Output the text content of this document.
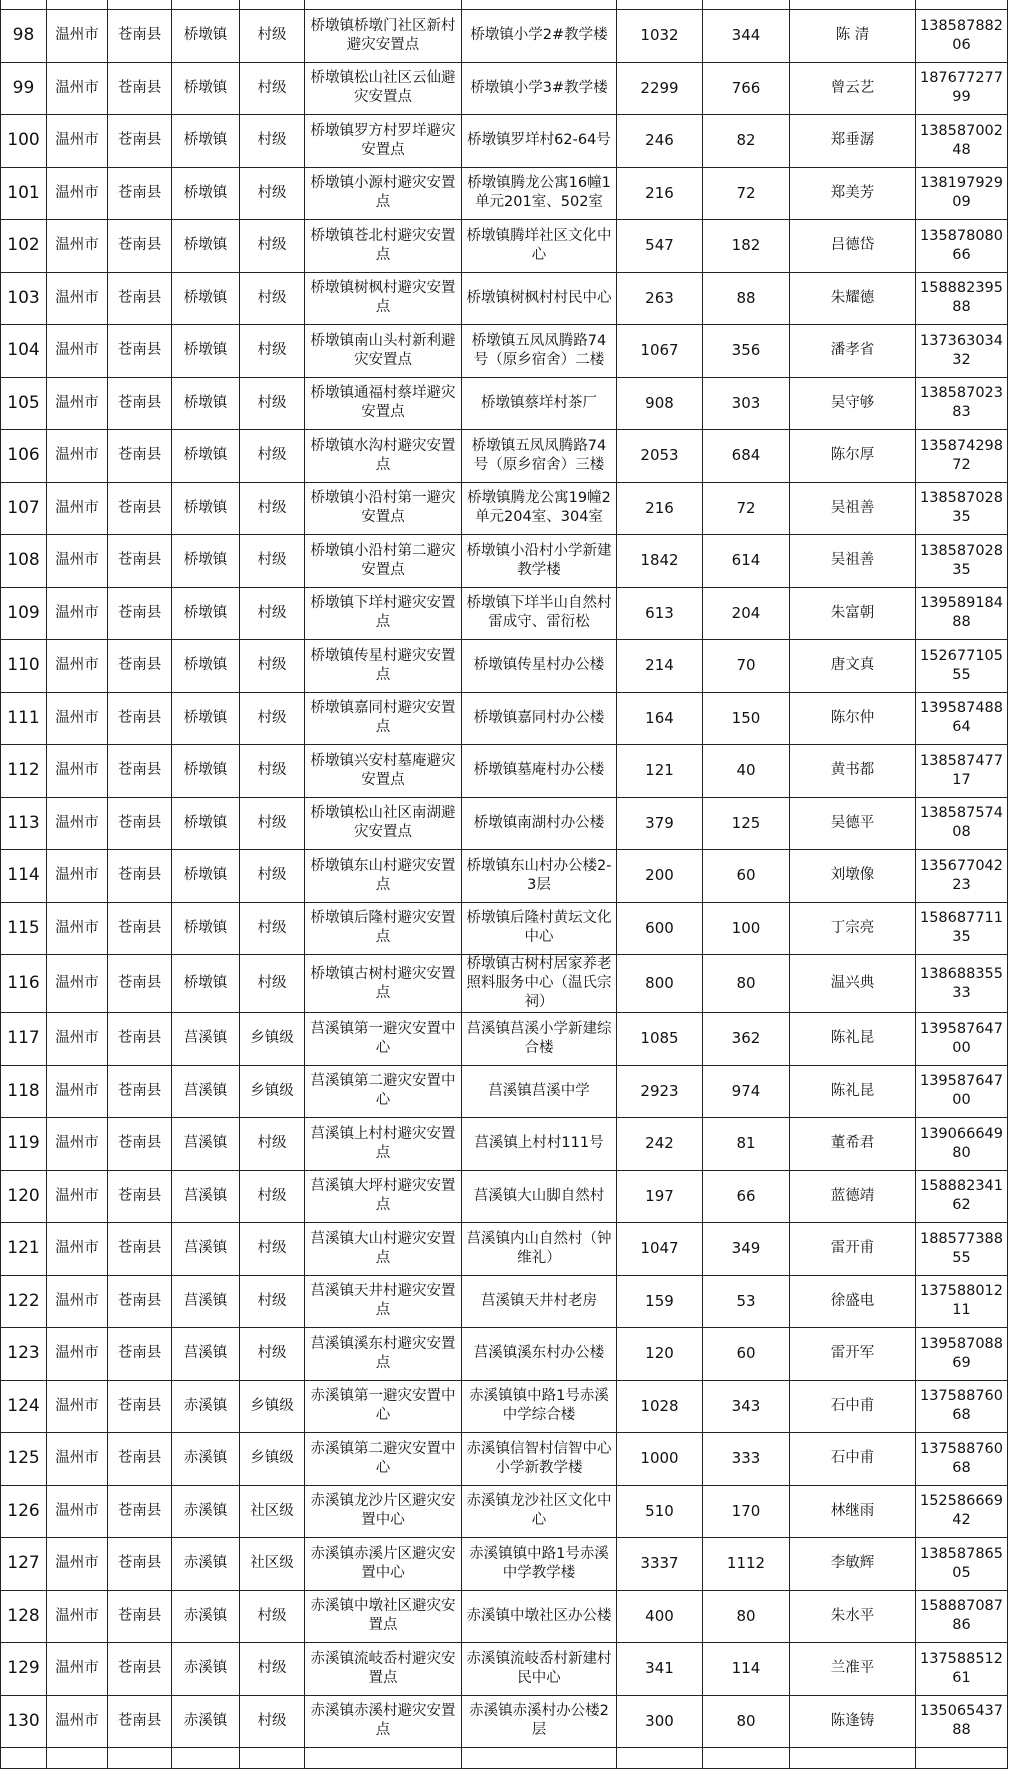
98	温州市	苍南县	桥墩镇	村级	桥墩镇桥墩门社区新村避灾安置点	桥墩镇小学2#教学楼	1032	344	陈 清	13858788206
99	温州市	苍南县	桥墩镇	村级	桥墩镇松山社区云仙避灾安置点	桥墩镇小学3#教学楼	2299	766	曾云艺	18767727799
100	温州市	苍南县	桥墩镇	村级	桥墩镇罗方村罗垟避灾安置点	桥墩镇罗垟村62-64号	246	82	郑垂潺	13858700248
101	温州市	苍南县	桥墩镇	村级	桥墩镇小源村避灾安置点	桥墩镇腾龙公寓16幢1单元201室、502室	216	72	郑美芳	13819792909
102	温州市	苍南县	桥墩镇	村级	桥墩镇苍北村避灾安置点	桥墩镇腾垟社区文化中心	547	182	吕德岱	13587808066
103	温州市	苍南县	桥墩镇	村级	桥墩镇树枫村避灾安置点	桥墩镇树枫村村民中心	263	88	朱耀德	15888239588
104	温州市	苍南县	桥墩镇	村级	桥墩镇南山头村新利避灾安置点	桥墩镇五凤凤腾路74号（原乡宿舍）二楼	1067	356	潘孝省	13736303432
105	温州市	苍南县	桥墩镇	村级	桥墩镇通福村蔡垟避灾安置点	桥墩镇蔡垟村茶厂	908	303	吴守够	13858702383
106	温州市	苍南县	桥墩镇	村级	桥墩镇水沟村避灾安置点	桥墩镇五凤凤腾路74号（原乡宿舍）三楼	2053	684	陈尔厚	13587429872
107	温州市	苍南县	桥墩镇	村级	桥墩镇小沿村第一避灾安置点	桥墩镇腾龙公寓19幢2单元204室、304室	216	72	吴祖善	13858702835
108	温州市	苍南县	桥墩镇	村级	桥墩镇小沿村第二避灾安置点	桥墩镇小沿村小学新建教学楼	1842	614	吴祖善	13858702835
109	温州市	苍南县	桥墩镇	村级	桥墩镇下垟村避灾安置点	桥墩镇下垟半山自然村雷成守、雷衍松	613	204	朱富朝	13958918488
110	温州市	苍南县	桥墩镇	村级	桥墩镇传星村避灾安置点	桥墩镇传星村办公楼	214	70	唐文真	15267710555
111	温州市	苍南县	桥墩镇	村级	桥墩镇嘉同村避灾安置点	桥墩镇嘉同村办公楼	164	150	陈尔仲	13958748864
112	温州市	苍南县	桥墩镇	村级	桥墩镇兴安村墓庵避灾安置点	桥墩镇墓庵村办公楼	121	40	黄书都	13858747717
113	温州市	苍南县	桥墩镇	村级	桥墩镇松山社区南湖避灾安置点	桥墩镇南湖村办公楼	379	125	吴德平	13858757408
114	温州市	苍南县	桥墩镇	村级	桥墩镇东山村避灾安置点	桥墩镇东山村办公楼2-3层	200	60	刘墩像	13567704223
115	温州市	苍南县	桥墩镇	村级	桥墩镇后隆村避灾安置点	桥墩镇后隆村黄坛文化中心	600	100	丁宗亮	15868771135
116	温州市	苍南县	桥墩镇	村级	桥墩镇古树村避灾安置点	桥墩镇古树村居家养老照料服务中心（温氏宗祠）	800	80	温兴典	13868835533
117	温州市	苍南县	莒溪镇	乡镇级	莒溪镇第一避灾安置中心	莒溪镇莒溪小学新建综合楼	1085	362	陈礼昆	13958764700
118	温州市	苍南县	莒溪镇	乡镇级	莒溪镇第二避灾安置中心	莒溪镇莒溪中学	2923	974	陈礼昆	13958764700
119	温州市	苍南县	莒溪镇	村级	莒溪镇上村村避灾安置点	莒溪镇上村村111号	242	81	董希君	13906664980
120	温州市	苍南县	莒溪镇	村级	莒溪镇大坪村避灾安置点	莒溪镇大山脚自然村	197	66	蓝德靖	15888234162
121	温州市	苍南县	莒溪镇	村级	莒溪镇大山村避灾安置点	莒溪镇内山自然村（钟维礼）	1047	349	雷开甫	18857738855
122	温州市	苍南县	莒溪镇	村级	莒溪镇天井村避灾安置点	莒溪镇天井村老房	159	53	徐盛电	13758801211
123	温州市	苍南县	莒溪镇	村级	莒溪镇溪东村避灾安置点	莒溪镇溪东村办公楼	120	60	雷开军	13958708869
124	温州市	苍南县	赤溪镇	乡镇级	赤溪镇第一避灾安置中心	赤溪镇镇中路1号赤溪中学综合楼	1028	343	石中甫	13758876068
125	温州市	苍南县	赤溪镇	乡镇级	赤溪镇第二避灾安置中心	赤溪镇信智村信智中心小学新教学楼	1000	333	石中甫	13758876068
126	温州市	苍南县	赤溪镇	社区级	赤溪镇龙沙片区避灾安置中心	赤溪镇龙沙社区文化中心	510	170	林继雨	15258666942
127	温州市	苍南县	赤溪镇	社区级	赤溪镇赤溪片区避灾安置中心	赤溪镇镇中路1号赤溪中学教学楼	3337	1112	李敏辉	13858786505
128	温州市	苍南县	赤溪镇	村级	赤溪镇中墩社区避灾安置点	赤溪镇中墩社区办公楼	400	80	朱水平	15888708786
129	温州市	苍南县	赤溪镇	村级	赤溪镇流岐岙村避灾安置点	赤溪镇流岐岙村新建村民中心	341	114	兰准平	13758851261
130	温州市	苍南县	赤溪镇	村级	赤溪镇赤溪村避灾安置点	赤溪镇赤溪村办公楼2层	300	80	陈逢铸	13506543788
